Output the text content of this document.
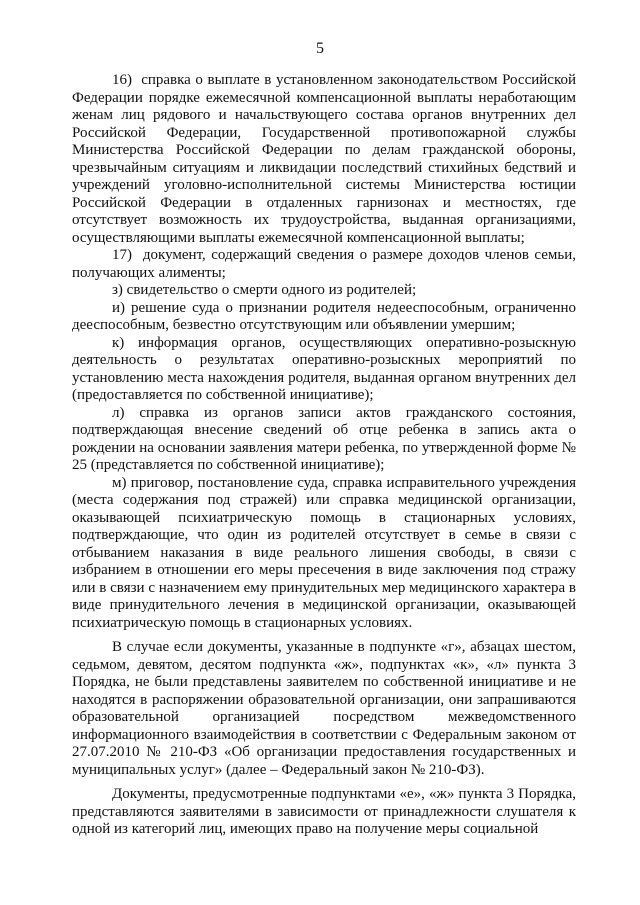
5

16)  справка о выплате в установленном законодательством Российской Федерации порядке ежемесячной компенсационной выплаты неработающим женам лиц рядового и начальствующего состава органов внутренних дел Российской Федерации, Государственной противопожарной службы Министерства Российской Федерации по делам гражданской обороны, чрезвычайным ситуациям и ликвидации последствий стихийных бедствий и учреждений уголовно-исполнительной системы Министерства юстиции Российской Федерации в отдаленных гарнизонах и местностях, где отсутствует возможность их трудоустройства, выданная организациями, осуществляющими выплаты ежемесячной компенсационной выплаты;

17)  документ, содержащий сведения о размере доходов членов семьи, получающих алименты;

з) свидетельство о смерти одного из родителей;

и) решение суда о признании родителя недееспособным, ограниченно дееспособным, безвестно отсутствующим или объявлении умершим;

к) информация органов, осуществляющих оперативно-розыскную деятельность о результатах оперативно-розыскных мероприятий по установлению места нахождения родителя, выданная органом внутренних дел (предоставляется по собственной инициативе);

л) справка из органов записи актов гражданского состояния, подтверждающая внесение сведений об отце ребенка в запись акта о рождении на основании заявления матери ребенка, по утвержденной форме № 25 (представляется по собственной инициативе);

м) приговор, постановление суда, справка исправительного учреждения (места содержания под стражей) или справка медицинской организации, оказывающей психиатрическую помощь в стационарных условиях, подтверждающие, что один из родителей отсутствует в семье в связи с отбыванием наказания в виде реального лишения свободы, в связи с избранием в отношении его меры пресечения в виде заключения под стражу или в связи с назначением ему принудительных мер медицинского характера в виде принудительного лечения в медицинской организации, оказывающей психиатрическую помощь в стационарных условиях.

В случае если документы, указанные в подпункте «г», абзацах шестом, седьмом, девятом, десятом подпункта «ж», подпунктах «к», «л» пункта 3 Порядка, не были представлены заявителем по собственной инициативе и не находятся в распоряжении образовательной организации, они запрашиваются образовательной организацией посредством межведомственного информационного взаимодействия в соответствии с Федеральным законом от 27.07.2010 № 210-ФЗ «Об организации предоставления государственных и муниципальных услуг» (далее – Федеральный закон № 210-ФЗ).

Документы, предусмотренные подпунктами «е», «ж» пункта 3 Порядка, представляются заявителями в зависимости от принадлежности слушателя к одной из категорий лиц, имеющих право на получение меры социальной
